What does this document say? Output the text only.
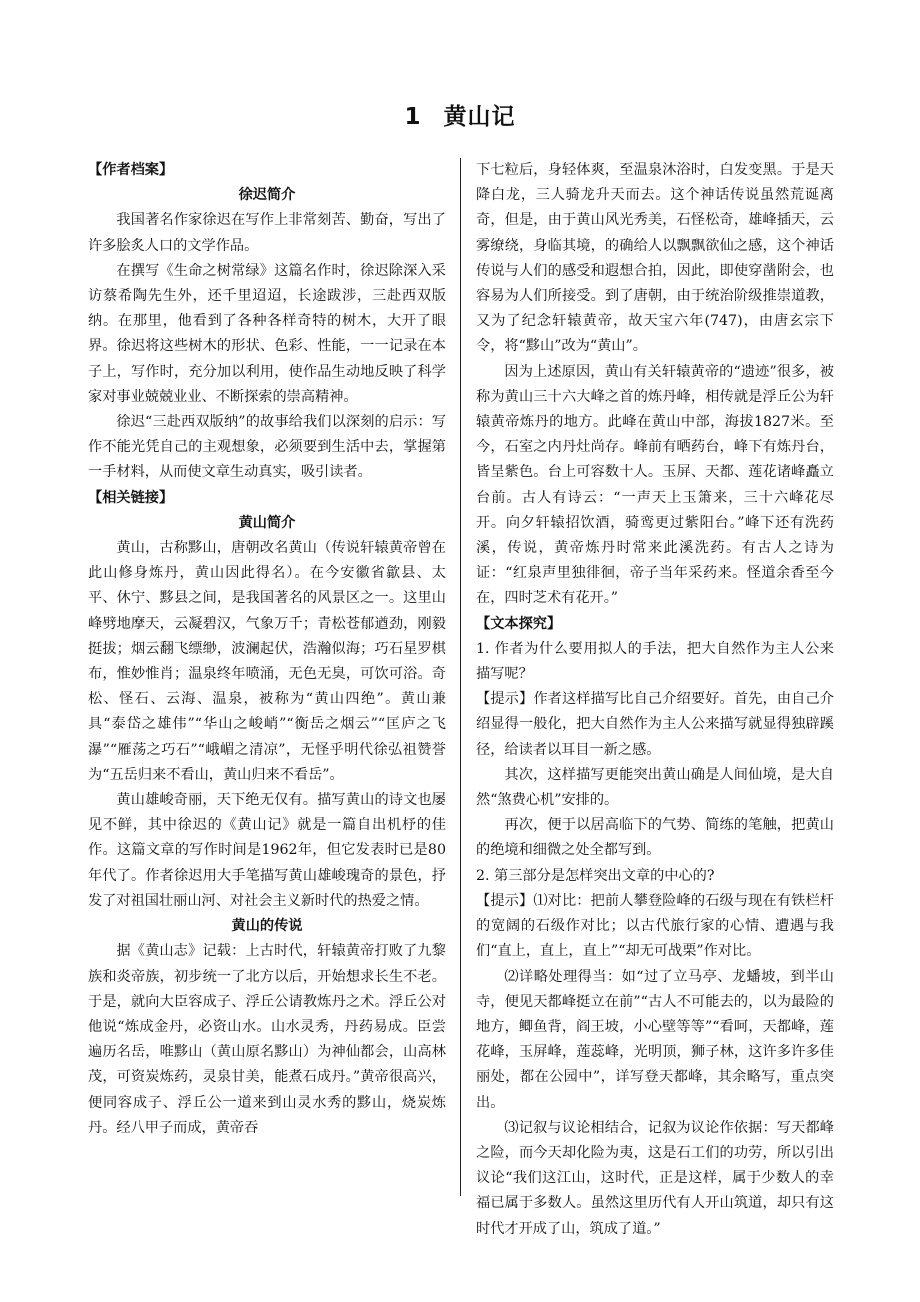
1 黄山记

【作者档案】

徐迟简介

我国著名作家徐迟在写作上非常刻苦、勤奋，写出了许多脍炙人口的文学作品。

在撰写《生命之树常绿》这篇名作时，徐迟除深入采访蔡希陶先生外，还千里迢迢，长途跋涉，三赴西双版纳。在那里，他看到了各种各样奇特的树木，大开了眼界。徐迟将这些树木的形状、色彩、性能，一一记录在本子上，写作时，充分加以利用，使作品生动地反映了科学家对事业兢兢业业、不断探索的崇高精神。

徐迟“三赴西双版纳”的故事给我们以深刻的启示：写作不能光凭自己的主观想象，必须要到生活中去，掌握第一手材料，从而使文章生动真实，吸引读者。

【相关链接】

黄山简介

黄山，古称黟山，唐朝改名黄山（传说轩辕黄帝曾在此山修身炼丹，黄山因此得名）。在今安徽省歙县、太平、休宁、黟县之间，是我国著名的风景区之一。这里山峰劈地摩天，云凝碧汉，气象万千；青松苍郁遒劲，刚毅挺拔；烟云翻飞缥缈，波澜起伏，浩瀚似海；巧石星罗棋布，惟妙惟肖；温泉终年喷涌，无色无臭，可饮可浴。奇松、怪石、云海、温泉，被称为“黄山四绝”。黄山兼具“泰岱之雄伟”“华山之峻峭”“衡岳之烟云”“匡庐之飞瀑”“雁荡之巧石”“峨嵋之清凉”，无怪乎明代徐弘祖赞誉为“五岳归来不看山，黄山归来不看岳”。

黄山雄峻奇丽，天下绝无仅有。描写黄山的诗文也屡见不鲜，其中徐迟的《黄山记》就是一篇自出机杼的佳作。这篇文章的写作时间是1962年，但它发表时已是80年代了。作者徐迟用大手笔描写黄山雄峻瑰奇的景色，抒发了对祖国壮丽山河、对社会主义新时代的热爱之情。

黄山的传说

据《黄山志》记载：上古时代，轩辕黄帝打败了九黎族和炎帝族，初步统一了北方以后，开始想求长生不老。于是，就向大臣容成子、浮丘公请教炼丹之术。浮丘公对他说“炼成金丹，必资山水。山水灵秀，丹药易成。臣尝遍历名岳，唯黟山（黄山原名黟山）为神仙都会，山高林茂，可资炭炼药，灵泉甘美，能煮石成丹。”黄帝很高兴，便同容成子、浮丘公一道来到山灵水秀的黟山，烧炭炼丹。经八甲子而成，黄帝吞

下七粒后，身轻体爽，至温泉沐浴时，白发变黑。于是天降白龙，三人骑龙升天而去。这个神话传说虽然荒诞离奇，但是，由于黄山风光秀美，石怪松奇，雄峰插天，云雾缭绕，身临其境，的确给人以飘飘欲仙之感，这个神话传说与人们的感受和遐想合拍，因此，即使穿凿附会，也容易为人们所接受。到了唐朝，由于统治阶级推崇道教，又为了纪念轩辕黄帝，故天宝六年(747)，由唐玄宗下令，将“黟山”改为“黄山”。

因为上述原因，黄山有关轩辕黄帝的“遗迹”很多，被称为黄山三十六大峰之首的炼丹峰，相传就是浮丘公为轩辕黄帝炼丹的地方。此峰在黄山中部，海拔1827米。至今，石室之内丹灶尚存。峰前有晒药台，峰下有炼丹台，皆呈紫色。台上可容数十人。玉屏、天都、莲花诸峰矗立台前。古人有诗云：“一声天上玉箫来，三十六峰花尽开。向夕轩辕招饮酒，骑鸾更过紫阳台。”峰下还有洗药溪，传说，黄帝炼丹时常来此溪洗药。有古人之诗为证：“红泉声里独徘徊，帝子当年采药来。怪道余香至今在，四时芝术有花开。”

【文本探究】

1. 作者为什么要用拟人的手法，把大自然作为主人公来描写呢？

【提示】作者这样描写比自己介绍要好。首先，由自己介绍显得一般化，把大自然作为主人公来描写就显得独辟蹊径，给读者以耳目一新之感。

其次，这样描写更能突出黄山确是人间仙境，是大自然“煞费心机”安排的。

再次，便于以居高临下的气势、简练的笔触，把黄山的绝境和细微之处全都写到。

2. 第三部分是怎样突出文章的中心的?

【提示】⑴对比：把前人攀登险峰的石级与现在有铁栏杆的宽阔的石级作对比；以古代旅行家的心情、遭遇与我们“直上，直上，直上”“却无可战栗”作对比。

⑵详略处理得当：如“过了立马亭、龙蟠坡，到半山寺，便见天都峰挺立在前”“古人不可能去的，以为最险的地方，鲫鱼背，阎王坡，小心壁等等”“看呵，天都峰，莲花峰，玉屏峰，莲蕊峰，光明顶，狮子林，这许多许多佳丽处，都在公园中”，详写登天都峰，其余略写，重点突出。

⑶记叙与议论相结合，记叙为议论作依据：写天都峰之险，而今天却化险为夷，这是石工们的功劳，所以引出议论“我们这江山，这时代，正是这样，属于少数人的幸福已属于多数人。虽然这里历代有人开山筑道，却只有这时代才开成了山，筑成了道。”
